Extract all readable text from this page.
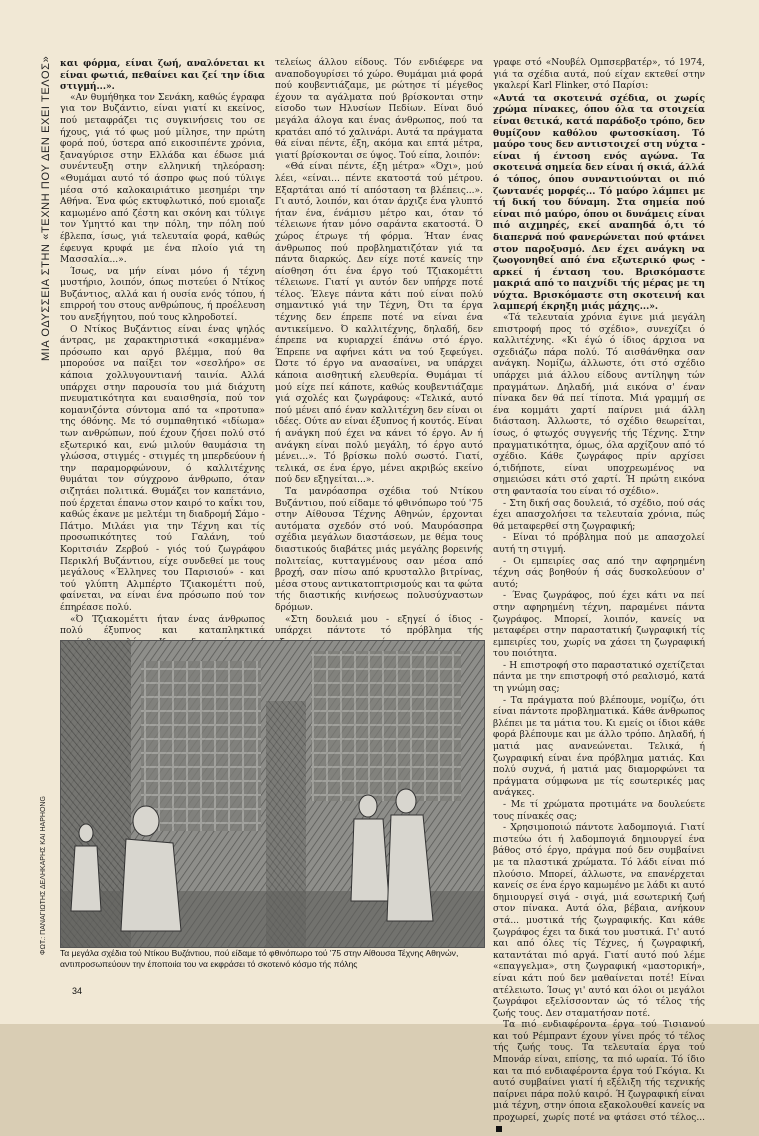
ΜΙΑ ΟΔΥΣΣΕΙΑ ΣΤΗΝ «ΤΕΧΝΗ ΠΟΥ ΔΕΝ ΕΧΕΙ ΤΕΛΟΣ»
ΦΩΤ.: ΠΑΝΑΓΙΩΤΗΣ ΔΕΛΗΚΑΡΗΣ ΚΑΙ HAPHONG

και φόρμα, είναι ζωή, αναλόνεται κι είναι φωτιά, πεθαίνει και ζεί την ίδια στιγμή...».

«Αν θυμήθηκα τον Σενάκη, καθώς έγραφα για τον Βυζάντιο, είναι γιατί κι εκείνος, πού μεταφράζει τις συγκινήσεις του σε ήχους, γιά τό φως μού μίλησε, την πρώτη φορά πού, ύστερα από εικοσιπέντε χρόνια, ξαναγύρισε στην Ελλάδα και έδωσε μιά συνέντευξη στην ελληνική τηλεόραση: «Θυμάμαι αυτό τό άσπρο φως πού τύλιγε μέσα στό καλοκαιριάτικο μεσημέρι την Αθήνα. Ένα φώς εκτυφλωτικό, πού εμοιαζε καμωμένο από ζέστη και σκόνη και τύλιγε τον Υμηττό και την πόλη, την πόλη πού έβλεπα, ίσως, γιά τελευταία φορά, καθώς έφευγα κρυφά με ένα πλοίο γιά τη Μασσαλία...».

Ίσως, να μήν είναι μόνο ή τέχνη μυστήριο, λοιπόν, όπως πιστεύει ό Ντίκος Βυζάντιος, αλλά και ή ουσία ενός τόπου, ή επιρροή του στους ανθρώπους, ή προέλευση του ανεξήγητου, πού τους κληροδοτεί.

Ο Ντίκος Βυζάντιος είναι ένας ψηλός άντρας, με χαρακτηριστικά «σκαμμένα» πρόσωπο και αργό βλέμμα, πού θα μπορούσε να παίξει τον «σεσλήρο» σε κάποια χολλυγουντιανή ταινία. Αλλά υπάρχει στην παρουσία του μιά διάχυτη πνευματικότητα και ευαισθησία, πού τον κομανιζόντα σύντομα από τα «προτυπα» της όθόνης. Με τό συμπαθητικό «ιδίωμα» των ανθρώπων, πού έχουν ζήσει πολύ στό εξωτερικό και, ενώ μιλούν θαυμάσια τη γλώσσα, στιγμές - στιγμές τη μπερδεύουν ή την παραμορφώνουν, ό καλλιτέχνης θυμάται τον σύγχρονο άνθρωπο, όταν σιζητάει πολιτικά. Θυμάζει τον καπετάνιο, πού έρχεται έπανω στον καιρό το καΐκι του, καθώς έκανε με μελτέμι τη διαδρομή Σάμο - Πάτμο. Μιλάει για την Τέχνη και τίς προσωπικότητες τού Γαλάνη, τού Κοριτσιάν Ζερβού - γιός τού ζωγράφου Περικλή Βυζάντιου, είχε συνδεθεί με τους μεγάλους «Έλληνες του Παρισιού» - και τού γλύπτη Αλμπέρτο Τζιακομέττι πού, φαίνεται, να είναι ένα πρόσωπο πού τον έπηρέασε πολύ.

«Ό Τζιακομέττι ήταν ένας άνθρωπος πολύ έξυπνος και καταπληκτικά

τελείως άλλου είδους. Τόν ενδιέφερε να αναποδογυρίσει τό χώρο. Θυμάμαι μιά φορά πού κουβεντιάζαμε, με ρώτησε τί μέγεθος έχουν τα αγάλματα πού βρίσκονται στην είσοδο των Ηλυσίων Πεδίων. Είναι δυό μεγάλα άλογα και ένας άνθρωπος, πού τα κρατάει από τό χαλινάρι. Αυτά τα πράγματα θά είναι πέντε, έξη, ακόμα και επτά μέτρα, γιατί βρίσκονται σε ύψος. Τού είπα, λοιπόν:

«Θά είναι πέντε, έξη μέτρα» «Όχι», μού λέει, «είναι... πέντε εκατοστά τού μέτρου. Εξαρτάται από τί απόσταση τα βλέπεις...». Γι αυτό, λοιπόν, και όταν άρχιζε ένα γλυπτό ήταν ένα, ένάμισυ μέτρο και, όταν τό τέλειωνε ήταν μόνο σαράντα εκατοστά. Ό χώρος έτρωγε τή φόρμα. Ήταν ένας άνθρωπος πού προβληματιζόταν γιά τα πάντα διαρκώς. Δεν είχε ποτέ κανείς την αίσθηση ότι ένα έργο τού Τζιακομέττι τέλειωνε. Γιατί γι αυτόν δεν υπήρχε ποτέ τέλος. Έλεγε πάντα κάτι πού είναι πολύ σημαντικό γιά την Τέχνη, Ότι τα έργα τέχνης δεν έπρεπε ποτέ να είναι ένα αντικείμενο. Ό καλλιτέχνης, δηλαδή, δεν έπρεπε να κυριαρχεί έπάνω στό έργο. Έπρεπε να αφήνει κάτι να τού ξεφεύγει. Ώστε τό έργο να ανασαίνει, να υπάρχει κάποια αισθητική ελευθερία. Θυμάμαι τί μού είχε πεί κάποτε, καθώς κουβεντιάζαμε γιά σχολές και ζωγράφους: «Τελικά, αυτό πού μένει από έναν καλλιτέχνη δεν είναι οι ιδέες. Ούτε αν είναι έξυπνος ή κουτός. Είναι ή ανάγκη πού έχει να κάνει τό έργο. Αν ή ανάγκη είναι πολύ μεγάλη, τό έργο αυτό μένει...». Τό βρίσκω πολύ σωστό. Γιατί, τελικά, σε ένα έργο, μένει ακριβώς εκείνο πού δεν εξηγείται...».

Τα μανρόασπρα σχέδια τού Ντίκου Βυζάντιου, πού είδαμε τό φθινόπωρο τού '75 στην Αίθουσα Τέχνης Αθηνών, έρχονται αυτόματα σχεδόν στό νού. Μαυρόασπρα σχέδια μεγάλων διαστάσεων, με θέμα τους διαστικούς διαβάτες μιάς μεγάλης βορεινής πολιτείας, κυτταγμένους σαν μέσα από βροχή, σαν πίσω από κρυσταλλο βιτρίνας, μέσα στους αντικατοπτρισμούς και τα φώτα τής διαστικής κινήσεως πολυσύχναστων δρόμων.

«Στη δουλειά μου - εξηγεί ό ίδιος - υπάρχει πάντοτε τό πρόβλημα τής

γραφε στό «Νουβέλ Ομπσερβατέρ», τό 1974, γιά τα σχέδια αυτά, πού είχαν εκτεθεί στην γκαλερί Karl Flinker, στό Παρίσι:

«Αυτά τα σκοτεινά σχέδια, οι χωρίς χρώμα πίνακες, όπου όλα τα στοιχεία είναι θετικά, κατά παράδοξο τρόπο, δεν θυμίζουν καθόλου φωτοσκίαση. Τό μαύρο τους δεν αντιστοιχεί στη νύχτα - είναι ή έντοση ενός αγώνα. Τα σκοτεινά σημεία δεν είναι ή σκιά, άλλά ό τόπος, όπου συναντιούνται οι πιό ζωντανές μορφές... Τό μαύρο λάμπει με τή δική του δύναμη. Στα σημεία πού είναι πιό μαύρο, όπου οι δυνάμεις είναι πιό αιχμηρές, εκεί αναπηδά ό,τι τό διαπερνά πού φανερώνεται πού φτάνει στον παροξυσμό. Δεν έχει ανάγκη να ζωογονηθεί από ένα εξωτερικό φως - αρκεί ή ένταση του. Βρισκόμαστε μακριά από το παιχνίδι τής μέρας με τη νύχτα. Βρισκόμαστε στη σκοτεινή και λαμπερή έκρηξη μιάς μάχης...».

«Τά τελευταία χρόνια έγινε μιά μεγάλη επιστροφή προς τό σχέδιο», συνεχίζει ό καλλιτέχνης. «Κι έγώ ό ίδιος άρχισα να σχεδιάζω πάρα πολύ. Τό αισθάνθηκα σαν ανάγκη. Νομίζω, άλλωστε, ότι στό σχέδιο υπάρχει μιά άλλου είδους αντίληψη τών πραγμάτων. Δηλαδή, μιά εικόνα σ' έναν πίνακα δεν θά πεί τίποτα. Μιά γραμμή σε ένα κομμάτι χαρτί παίρνει μιά άλλη διάσταση. Άλλωστε, τό σχέδιο θεωρείται, ίσως, ό φτωχός συγγενής τής Τέχνης. Στην πραγματικότητα, όμως, όλα αρχίζουν από τό σχέδιο. Κάθε ζωγράφος πρίν αρχίσει ό,τιδήποτε, είναι υποχρεωμένος να σημειώσει κάτι στό χαρτί. Ή πρώτη εικόνα στη φαντασία του είναι τό σχέδιο».

- Στη δική σας δουλειά, τό σχέδιο, πού σάς έχει απασχολήσει τα τελευταία χρόνια, πώς θά μεταφερθεί στη ζωγραφική;

- Είναι τό πρόβλημα πού με απασχολεί αυτή τη στιγμή.

- Οι εμπειρίες σας από την αφηρημένη τέχνη σάς βοηθούν ή σάς δυσκολεύουν σ' αυτό;

- Ένας ζωγράφος, πού έχει κάτι να πεί στην αφηρημένη τέχνη, παραμένει πάντα ζωγράφος. Μπορεί, λοιπόν, κανείς να μεταφέρει στην παραστατική ζωγραφική τίς εμπειρίες του, χωρίς να χάσει τη ζωγραφική του ποιότητα.

- Η επιστροφή στο παραστατικό σχετίζεται πάντα με την επιστροφή στό ρεαλισμό, κατά τη γνώμη σας;

- Τα πράγματα πού βλέπουμε, νομίζω, ότι είναι πάντοτε προβληματικά. Κάθε άνθρωπος βλέπει με τα μάτια του. Κι εμείς οι ίδιοι κάθε φορά βλέπουμε και με άλλο τρόπο. Δηλαδή, ή ματιά μας ανανεώνεται. Τελικά, ή ζωγραφική είναι ένα πρόβλημα ματιάς. Και πολύ συχνά, ή ματιά μας διαμορφώνει τα πράγματα σύμφωνα με τίς εσωτερικές μας ανάγκες.

- Με τί χρώματα προτιμάτε να δουλεύετε τους πίνακές σας;

- Χρησιμοποιώ πάντοτε λαδομπογιά. Γιατί πιστεύω ότι ή λαδομπογιά δημιουργεί ένα βάθος στό έργο, πράγμα πού δεν συμβαίνει με τα πλαστικά χρώματα. Τό λάδι είναι πιό πλούσιο. Μπορεί, άλλωστε, να επανέρχεται κανείς σε ένα έργο καμωμένο με λάδι κι αυτό δημιουργεί σιγά - σιγά, μιά εσωτερική ζωή στον πίνακα. Αυτά όλα, βέβαια, ανήκουν στά... μυστικά τής ζωγραφικής. Και κάθε ζωγράφος έχει τα δικά του μυστικά. Γι' αυτό και από όλες τίς Τέχνες, ή ζωγραφική, καταντάται πιό αργά. Γιατί αυτό πού λέμε «επαγγελμα», στη ζωγραφική «μαστορική», είναι κάτι πού δεν μαθαίνεται ποτέ! Είναι ατέλειωτο. Ίσως γι' αυτό και όλοι οι μεγάλοι ζωγράφοι εξελίσσονταν ώς τό τέλος τής ζωής τους. Δεν σταματήσαν ποτέ.

Τα πιό ενδιαφέροντα έργα τού Τισιανού και τού Ρέμπραντ έχουν γίνει πρός τό τέλος τής ζωής τους. Τα τελευταία έργα τού Μπονάρ είναι, επίσης, τα πιό ωραία. Τό ίδιο και τα πιό ενδιαφέροντα έργα τού Γκόγια. Κι αυτό συμβαίνει γιατί ή εξέλιξη τής τεχνικής παίρνει πάρα πολύ καιρό. Ή ζωγραφική είναι μιά τέχνη, στην όποια εξακολουθεί κανείς να προχωρεί, χωρίς ποτέ να φτάσει στό τέλος...

Τα μεγάλα σχέδια τού Ντίκου Βυζάντιου, πού είδαμε τό φθινόπωρο τού '75 στην Αίθουσα Τέχνης Αθηνών, αντιπροσωπεύουν την έποποιία του να εκφράσει τό σκοτεινό κόσμο τής πόλης
34
